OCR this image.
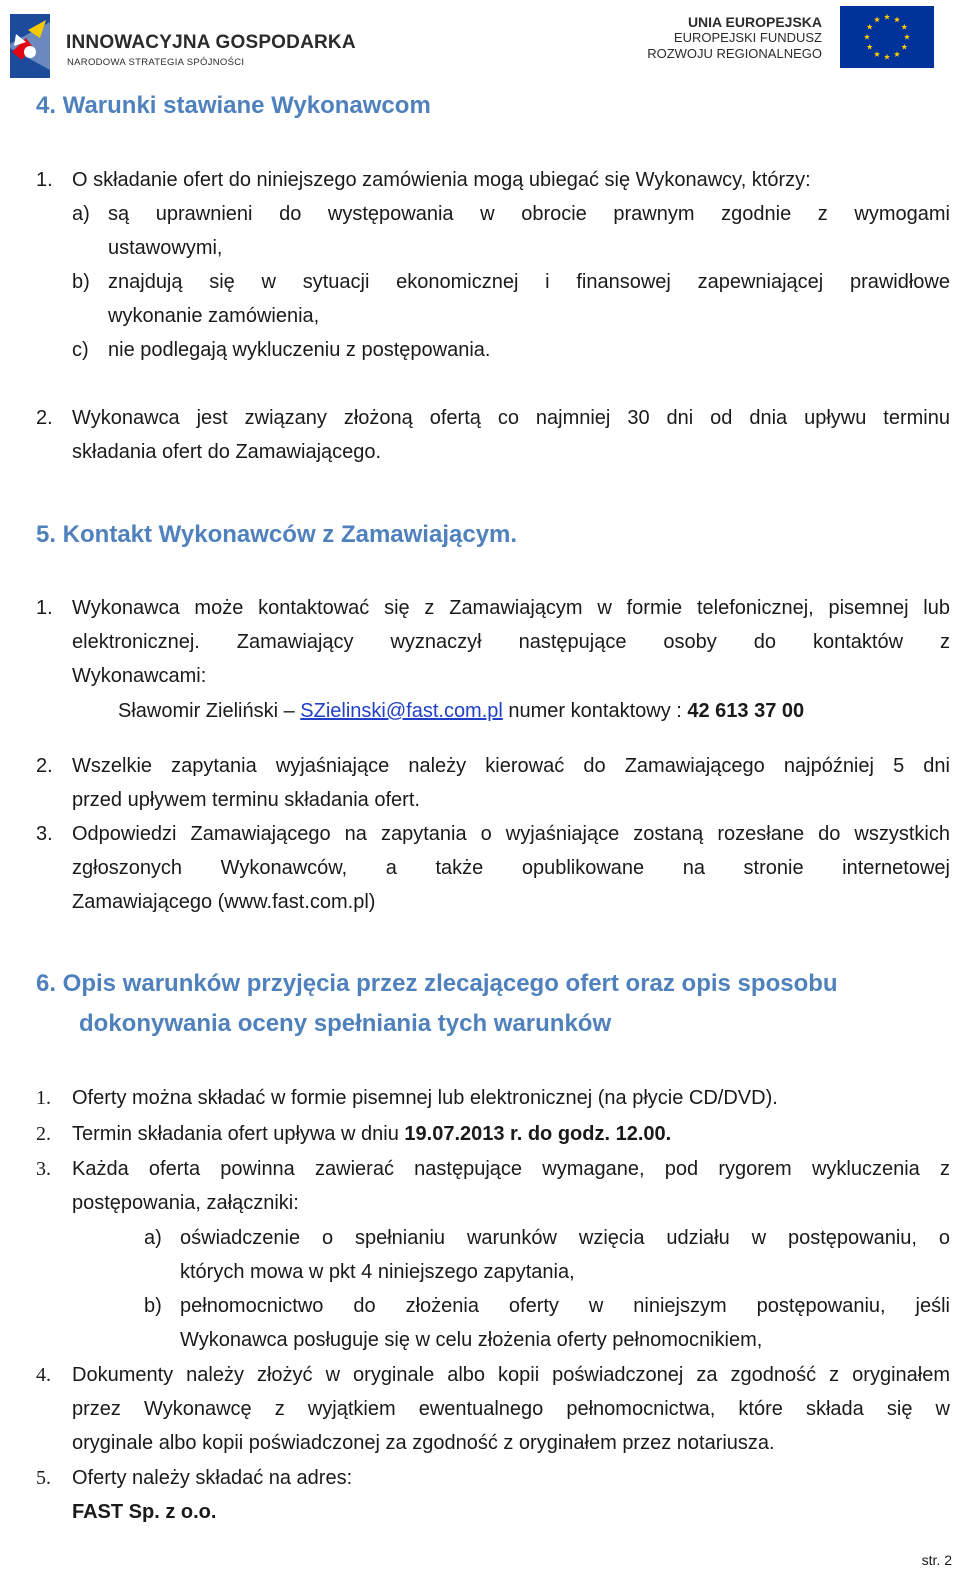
INNOWACYJNA GOSPODARKA
NARODOWA STRATEGIA SPÓJNOŚCI
UNIA EUROPEJSKA
EUROPEJSKI FUNDUSZ
ROZWOJU REGIONALNEGO
4. Warunki stawiane Wykonawcom
1. O składanie ofert do niniejszego zamówienia mogą ubiegać się Wykonawcy, którzy:
a) są uprawnieni do występowania w obrocie prawnym zgodnie z wymogami
ustawowymi,
b) znajdują się w sytuacji ekonomicznej i finansowej zapewniającej prawidłowe
wykonanie zamówienia,
c) nie podlegają wykluczeniu z postępowania.
2. Wykonawca jest związany złożoną ofertą co najmniej 30 dni od dnia upływu terminu
składania ofert do Zamawiającego.
5. Kontakt Wykonawców z Zamawiającym.
1. Wykonawca może kontaktować się z Zamawiającym w formie telefonicznej, pisemnej lub
elektronicznej. Zamawiający wyznaczył następujące osoby do kontaktów z
Wykonawcami:
Sławomir Zieliński – SZielinski@fast.com.pl numer kontaktowy : 42 613 37 00
2. Wszelkie zapytania wyjaśniające należy kierować do Zamawiającego najpóźniej 5 dni
przed upływem terminu składania ofert.
3. Odpowiedzi Zamawiającego na zapytania o wyjaśniające zostaną rozesłane do wszystkich
zgłoszonych Wykonawców, a także opublikowane na stronie internetowej
Zamawiającego (www.fast.com.pl)
6. Opis warunków przyjęcia przez zlecającego ofert oraz opis sposobu
dokonywania oceny spełniania tych warunków
1. Oferty można składać w formie pisemnej lub elektronicznej (na płycie CD/DVD).
2. Termin składania ofert upływa w dniu 19.07.2013 r. do godz. 12.00.
3. Każda oferta powinna zawierać następujące wymagane, pod rygorem wykluczenia z
postępowania, załączniki:
a) oświadczenie o spełnianiu warunków wzięcia udziału w postępowaniu, o
których mowa w pkt 4 niniejszego zapytania,
b) pełnomocnictwo do złożenia oferty w niniejszym postępowaniu, jeśli
Wykonawca posługuje się w celu złożenia oferty pełnomocnikiem,
4. Dokumenty należy złożyć w oryginale albo kopii poświadczonej za zgodność z oryginałem
przez Wykonawcę z wyjątkiem ewentualnego pełnomocnictwa, które składa się w
oryginale albo kopii poświadczonej za zgodność z oryginałem przez notariusza.
5. Oferty należy składać na adres:
FAST Sp. z o.o.
str. 2
